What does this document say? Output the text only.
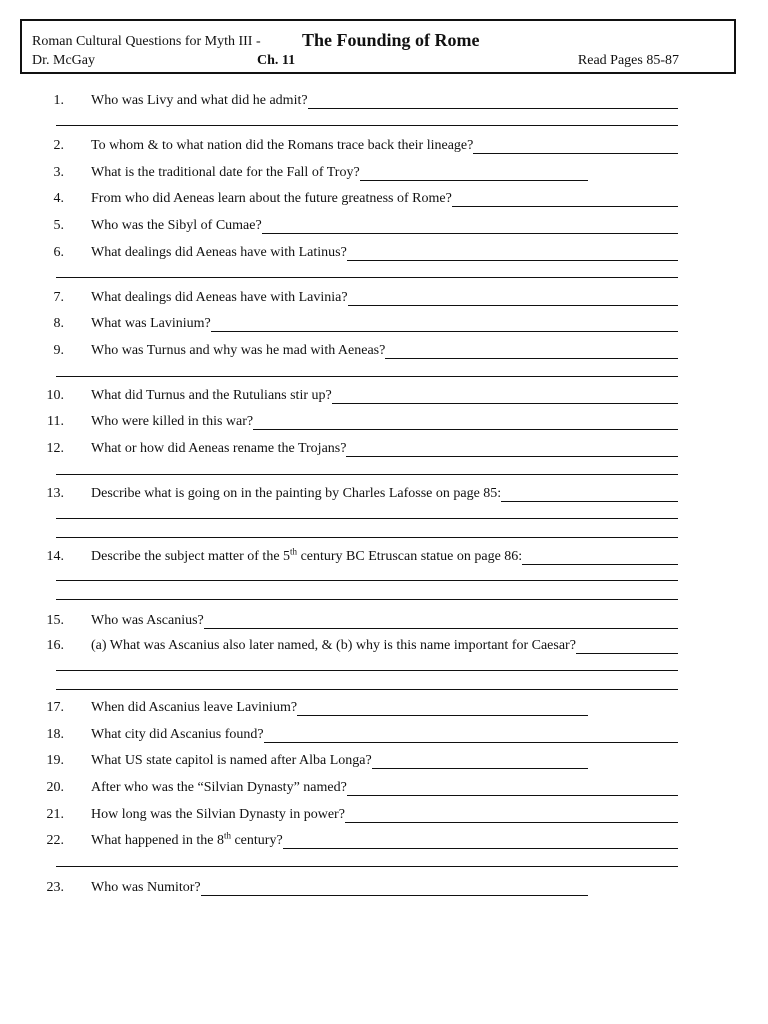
Roman Cultural Questions for Myth III - The Founding of Rome
Dr. McGay	Ch. 11	Read Pages 85-87
1. Who was Livy and what did he admit?
2. To whom & to what nation did the Romans trace back their lineage?
3. What is the traditional date for the Fall of Troy?
4. From who did Aeneas learn about the future greatness of Rome?
5. Who was the Sibyl of Cumae?
6. What dealings did Aeneas have with Latinus?
7. What dealings did Aeneas have with Lavinia?
8. What was Lavinium?
9. Who was Turnus and why was he mad with Aeneas?
10. What did Turnus and the Rutulians stir up?
11. Who were killed in this war?
12. What or how did Aeneas rename the Trojans?
13. Describe what is going on in the painting by Charles Lafosse on page 85:
14. Describe the subject matter of the 5th century BC Etruscan statue on page 86:
15. Who was Ascanius?
16. (a) What was Ascanius also later named, & (b) why is this name important for Caesar?
17. When did Ascanius leave Lavinium?
18. What city did Ascanius found?
19. What US state capitol is named after Alba Longa?
20. After who was the “Silvian Dynasty” named?
21. How long was the Silvian Dynasty in power?
22. What happened in the 8th century?
23. Who was Numitor?
